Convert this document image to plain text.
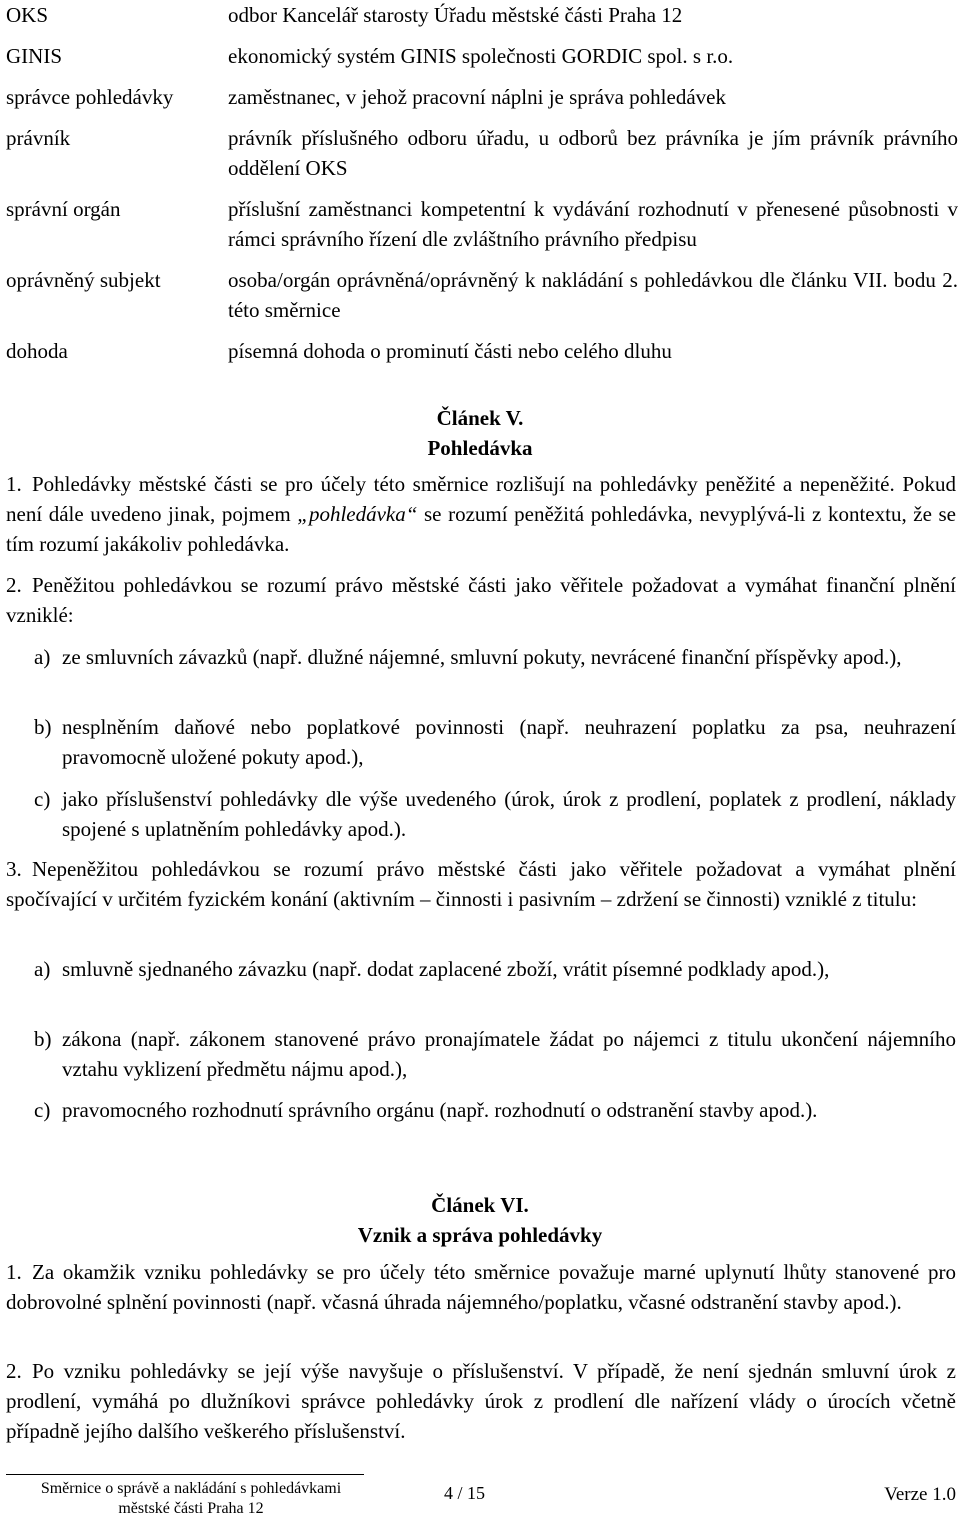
OKS	odbor Kancelář starosty Úřadu městské části Praha 12
GINIS	ekonomický systém GINIS společnosti GORDIC spol. s r.o.
správce pohledávky	zaměstnanec, v jehož pracovní náplni je správa pohledávek
právník	právník příslušného odboru úřadu, u odborů bez právníka je jím právník právního oddělení OKS
správní orgán	příslušní zaměstnanci kompetentní k vydávání rozhodnutí v přenesené působnosti v rámci správního řízení dle zvláštního právního předpisu
oprávněný subjekt	osoba/orgán oprávněná/oprávněný k nakládání s pohledávkou dle článku VII. bodu 2. této směrnice
dohoda	písemná dohoda o prominutí části nebo celého dluhu
Článek V.
Pohledávka
1. Pohledávky městské části se pro účely této směrnice rozlišují na pohledávky peněžité a nepeněžité. Pokud není dále uvedeno jinak, pojmem „pohledávka“ se rozumí peněžitá pohledávka, nevyplývá-li z kontextu, že se tím rozumí jakákoliv pohledávka.
2. Peněžitou pohledávkou se rozumí právo městské části jako věřitele požadovat a vymáhat finanční plnění vzniklé:
a) ze smluvních závazků (např. dlužné nájemné, smluvní pokuty, nevrácené finanční příspěvky apod.),
b) nesplněním daňové nebo poplatkové povinnosti (např. neuhrazení poplatku za psa, neuhrazení pravomocně uložené pokuty apod.),
c) jako příslušenství pohledávky dle výše uvedeného (úrok, úrok z prodlení, poplatek z prodlení, náklady spojené s uplatněním pohledávky apod.).
3. Nepeněžitou pohledávkou se rozumí právo městské části jako věřitele požadovat a vymáhat plnění spočívající v určitém fyzickém konání (aktivním – činnosti i pasivním – zdržení se činnosti) vzniklé z titulu:
a) smluvně sjednaného závazku (např. dodat zaplacené zboží, vrátit písemné podklady apod.),
b) zákona (např. zákonem stanovené právo pronajímatele žádat po nájemci z titulu ukončení nájemního vztahu vyklizení předmětu nájmu apod.),
c) pravomocného rozhodnutí správního orgánu (např. rozhodnutí o odstranění stavby apod.).
Článek VI.
Vznik a správa pohledávky
1. Za okamžik vzniku pohledávky se pro účely této směrnice považuje marné uplynutí lhůty stanovené pro dobrovolné splnění povinnosti (např. včasná úhrada nájemného/poplatku, včasné odstranění stavby apod.).
2. Po vzniku pohledávky se její výše navyšuje o příslušenství. V případě, že není sjednán smluvní úrok z prodlení, vymáhá po dlužníkovi správce pohledávky úrok z prodlení dle nařízení vlády o úrocích včetně případně jejího dalšího veškerého příslušenství.
Směrnice o správě a nakládání s pohledávkami
městské části Praha 12
4 / 15	Verze 1.0
